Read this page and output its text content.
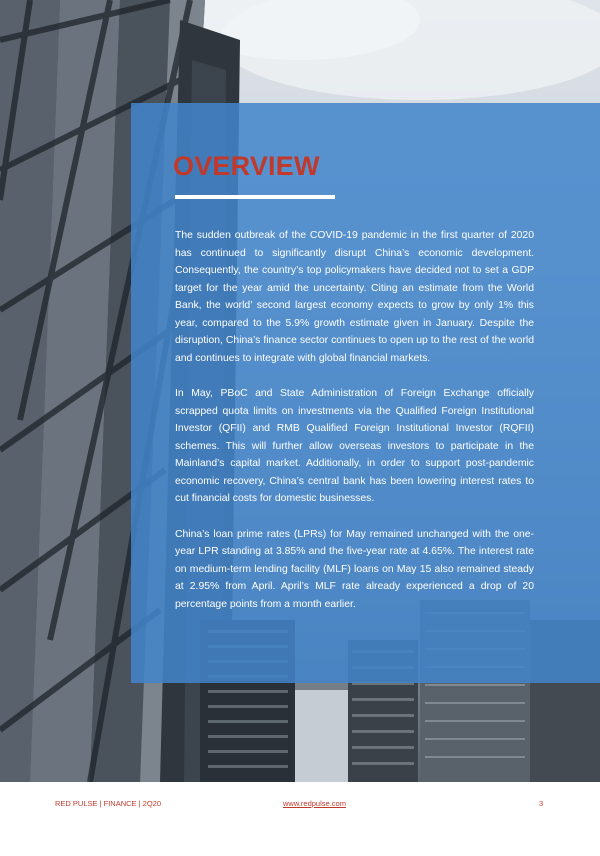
OVERVIEW

The sudden outbreak of the COVID-19 pandemic in the first quarter of 2020 has continued to significantly disrupt China’s economic development. Consequently, the country’s top policymakers have decided not to set a GDP target for the year amid the uncertainty. Citing an estimate from the World Bank, the world’ second largest economy expects to grow by only 1% this year, compared to the 5.9% growth estimate given in January. Despite the disruption, China’s finance sector continues to open up to the rest of the world and continues to integrate with global financial markets.

In May, PBoC and State Administration of Foreign Exchange officially scrapped quota limits on investments via the Qualified Foreign Institutional Investor (QFII) and RMB Qualified Foreign Institutional Investor (RQFII) schemes. This will further allow overseas investors to participate in the Mainland’s capital market. Additionally, in order to support post-pandemic economic recovery, China’s central bank has been lowering interest rates to cut financial costs for domestic businesses.

China’s loan prime rates (LPRs) for May remained unchanged with the one-year LPR standing at 3.85% and the five-year rate at 4.65%. The interest rate on medium-term lending facility (MLF) loans on May 15 also remained steady at 2.95% from April. April’s MLF rate already experienced a drop of 20 percentage points from a month earlier.

RED PULSE | FINANCE | 2Q20	www.redpulse.com	3
